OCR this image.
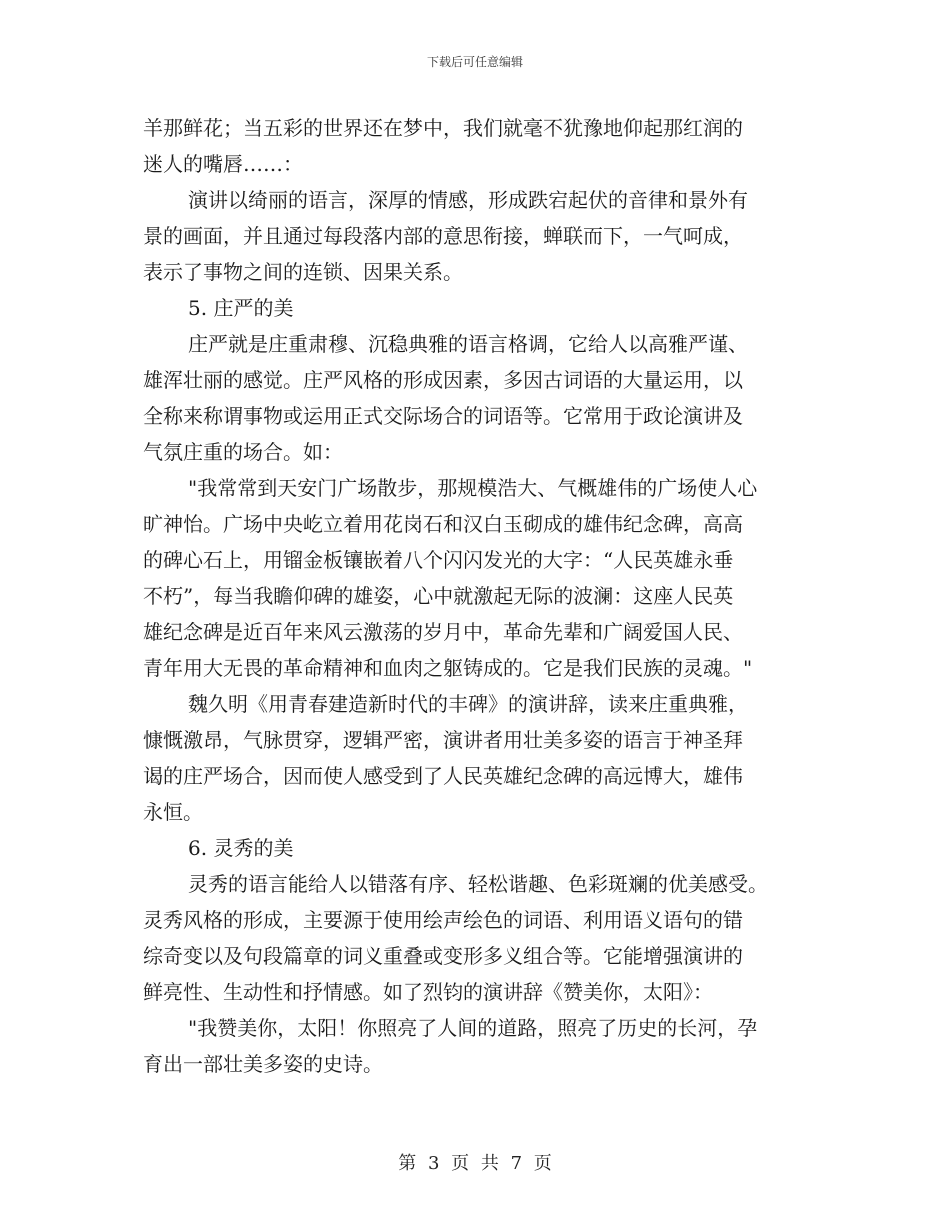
下载后可任意编辑
羊那鲜花；当五彩的世界还在梦中，我们就毫不犹豫地仰起那红润的
迷人的嘴唇……：
演讲以绮丽的语言，深厚的情感，形成跌宕起伏的音律和景外有
景的画面，并且通过每段落内部的意思衔接，蝉联而下，一气呵成，
表示了事物之间的连锁、因果关系。
5. 庄严的美
庄严就是庄重肃穆、沉稳典雅的语言格调，它给人以高雅严谨、
雄浑壮丽的感觉。庄严风格的形成因素，多因古词语的大量运用，以
全称来称谓事物或运用正式交际场合的词语等。它常用于政论演讲及
气氛庄重的场合。如：
"我常常到天安门广场散步，那规模浩大、气概雄伟的广场使人心
旷神怡。广场中央屹立着用花岗石和汉白玉砌成的雄伟纪念碑，高高
的碑心石上，用镏金板镶嵌着八个闪闪发光的大字：“人民英雄永垂
不朽”，每当我瞻仰碑的雄姿，心中就激起无际的波澜：这座人民英
雄纪念碑是近百年来风云激荡的岁月中，革命先辈和广阔爱国人民、
青年用大无畏的革命精神和血肉之躯铸成的。它是我们民族的灵魂。"
魏久明《用青春建造新时代的丰碑》的演讲辞，读来庄重典雅，
慷慨激昂，气脉贯穿，逻辑严密，演讲者用壮美多姿的语言于神圣拜
谒的庄严场合，因而使人感受到了人民英雄纪念碑的高远博大，雄伟
永恒。
6. 灵秀的美
灵秀的语言能给人以错落有序、轻松谐趣、色彩斑斓的优美感受。
灵秀风格的形成，主要源于使用绘声绘色的词语、利用语义语句的错
综奇变以及句段篇章的词义重叠或变形多义组合等。它能增强演讲的
鲜亮性、生动性和抒情感。如了烈钧的演讲辞《赞美你，太阳》：
"我赞美你，太阳！你照亮了人间的道路，照亮了历史的长河，孕
育出一部壮美多姿的史诗。
第 3 页 共 7 页
